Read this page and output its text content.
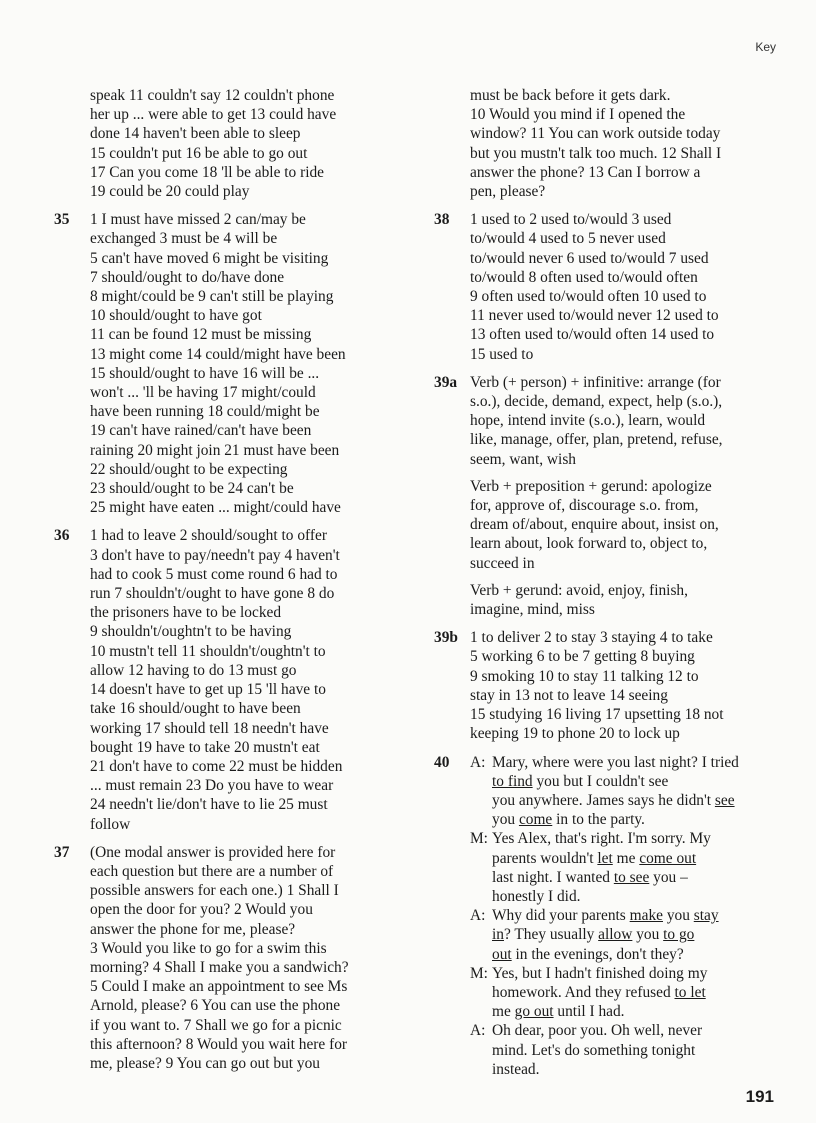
Key
speak 11 couldn't say 12 couldn't phone
her up ... were able to get 13 could have
done 14 haven't been able to sleep
15 couldn't put 16 be able to go out
17 Can you come 18 'll be able to ride
19 could be 20 could play
35	1 I must have missed 2 can/may be
exchanged 3 must be 4 will be
5 can't have moved 6 might be visiting
7 should/ought to do/have done
8 might/could be 9 can't still be playing
10 should/ought to have got
11 can be found 12 must be missing
13 might come 14 could/might have been
15 should/ought to have 16 will be ...
won't ... 'll be having 17 might/could
have been running 18 could/might be
19 can't have rained/can't have been
raining 20 might join 21 must have been
22 should/ought to be expecting
23 should/ought to be 24 can't be
25 might have eaten ... might/could have
36	1 had to leave 2 should/sought to offer
3 don't have to pay/needn't pay 4 haven't
had to cook 5 must come round 6 had to
run 7 shouldn't/ought to have gone 8 do
the prisoners have to be locked
9 shouldn't/oughtn't to be having
10 mustn't tell 11 shouldn't/oughtn't to
allow 12 having to do 13 must go
14 doesn't have to get up 15 'll have to
take 16 should/ought to have been
working 17 should tell 18 needn't have
bought 19 have to take 20 mustn't eat
21 don't have to come 22 must be hidden
... must remain 23 Do you have to wear
24 needn't lie/don't have to lie 25 must
follow
37	(One modal answer is provided here for
each question but there are a number of
possible answers for each one.) 1 Shall I
open the door for you? 2 Would you
answer the phone for me, please?
3 Would you like to go for a swim this
morning? 4 Shall I make you a sandwich?
5 Could I make an appointment to see Ms
Arnold, please? 6 You can use the phone
if you want to. 7 Shall we go for a picnic
this afternoon? 8 Would you wait here for
me, please? 9 You can go out but you
must be back before it gets dark.
10 Would you mind if I opened the
window? 11 You can work outside today
but you mustn't talk too much. 12 Shall I
answer the phone? 13 Can I borrow a
pen, please?
38	1 used to 2 used to/would 3 used
to/would 4 used to 5 never used
to/would never 6 used to/would 7 used
to/would 8 often used to/would often
9 often used to/would often 10 used to
11 never used to/would never 12 used to
13 often used to/would often 14 used to
15 used to
39a Verb (+ person) + infinitive: arrange (for
s.o.), decide, demand, expect, help (s.o.),
hope, intend invite (s.o.), learn, would
like, manage, offer, plan, pretend, refuse,
seem, want, wish
Verb + preposition + gerund: apologize
for, approve of, discourage s.o. from,
dream of/about, enquire about, insist on,
learn about, look forward to, object to,
succeed in
Verb + gerund: avoid, enjoy, finish,
imagine, mind, miss
39b 1 to deliver 2 to stay 3 staying 4 to take
5 working 6 to be 7 getting 8 buying
9 smoking 10 to stay 11 talking 12 to
stay in 13 not to leave 14 seeing
15 studying 16 living 17 upsetting 18 not
keeping 19 to phone 20 to lock up
40	A: Mary, where were you last night? I tried
to find you but I couldn't see
you anywhere. James says he didn't see
you come in to the party.
M: Yes Alex, that's right. I'm sorry. My
parents wouldn't let me come out
last night. I wanted to see you –
honestly I did.
A: Why did your parents make you stay
in? They usually allow you to go
out in the evenings, don't they?
M: Yes, but I hadn't finished doing my
homework. And they refused to let
me go out until I had.
A: Oh dear, poor you. Oh well, never
mind. Let's do something tonight
instead.
191
